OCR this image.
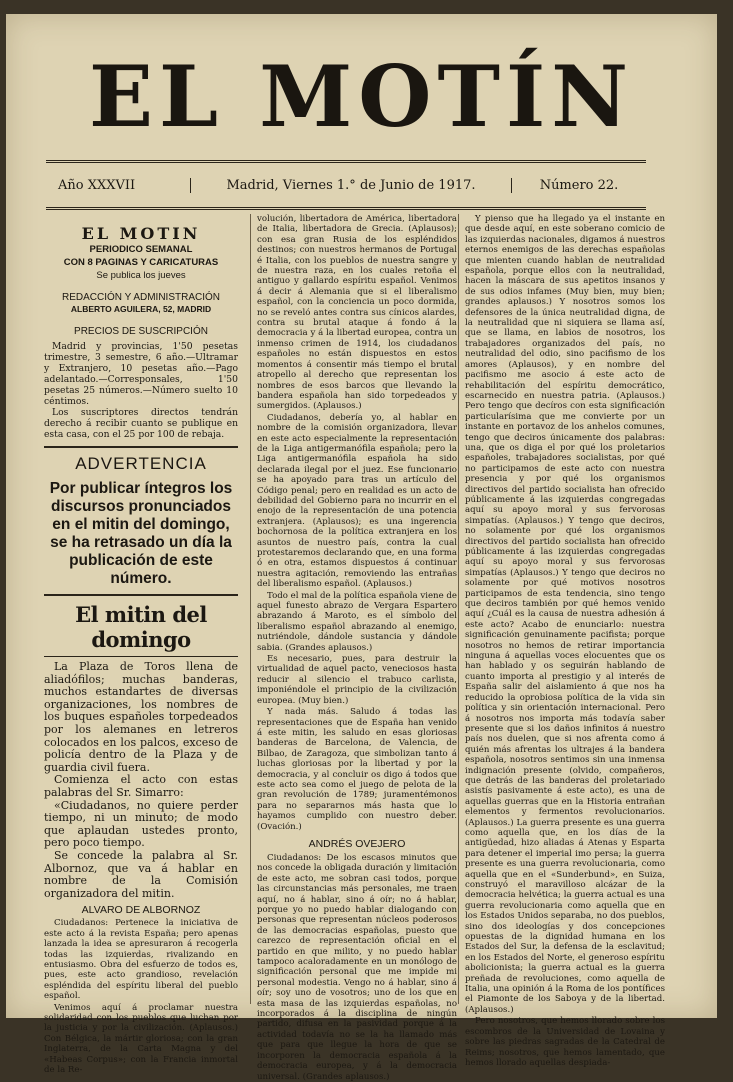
EL MOTÍN
Año XXXVII	Madrid, Viernes 1.° de Junio de 1917.	Número 22.
EL MOTIN
PERIODICO SEMANAL
CON 8 PAGINAS Y CARICATURAS
Se publica los jueves
REDACCIÓN Y ADMINISTRACIÓN
ALBERTO AGUILERA, 52, MADRID
PRECIOS DE SUSCRIPCIÓN

Madrid y provincias, 1'50 pesetas trimestre, 3 semestre, 6 año.—Ultramar y Extranjero, 10 pesetas año.—Pago adelantado.—Corresponsales, 1'50 pesetas 25 números.—Número suelto 10 céntimos.

Los suscriptores directos tendrán derecho á recibir cuanto se publique en esta casa, con el 25 por 100 de rebaja.

ADVERTENCIA
Por publicar íntegros los discursos pronunciados en el mitin del domingo, se ha retrasado un día la publicación de este número.
El mitin del domingo

La Plaza de Toros llena de aliadófilos; muchas banderas, muchos estandartes de diversas organizaciones, los nombres de los buques españoles torpedeados por los alemanes en letreros colocados en los palcos, exceso de policía dentro de la Plaza y de guardia civil fuera.

Comienza el acto con estas palabras del Sr. Simarro:

«Ciudadanos, no quiere perder tiempo, ni un minuto; de modo que aplaudan ustedes pronto, pero poco tiempo.

Se concede la palabra al Sr. Albornoz, que va á hablar en nombre de la Comisión organizadora del mitin.

ALVARO DE ALBORNOZ

Ciudadanos: Pertenece la iniciativa de este acto á la revista España; pero apenas lanzada la idea se apresuraron á recogerla todas las izquierdas, rivalizando en entusiasmo. Obra del esfuerzo de todos es, pues, este acto grandioso, revelación espléndida del espíritu liberal del pueblo español.

Venimos aquí á proclamar nuestra solidaridad con los pueblos que luchan por la justicia y por la civilización. (Aplausos.) Con Bélgica, la mártir gloriosa; con la gran Inglaterra, de la Carta Magna y del «Habeas Corpus»; con la Francia inmortal de la Re-

volución, libertadora de América, libertadora de Italia, libertadora de Grecia. (Aplausos); con esa gran Rusia de los espléndidos destinos; con nuestros hermanos de Portugal é Italia, con los pueblos de nuestra sangre y de nuestra raza, en los cuales retoña el antiguo y gallardo espíritu español. Venimos á decir á Alemania que si el liberalismo español, con la conciencia un poco dormida, no se reveló antes contra sus cínicos alardes, contra su brutal ataque á fondo á la democracia y á la libertad europea, contra un inmenso crimen de 1914, los ciudadanos españoles no están dispuestos en estos momentos á consentir más tiempo el brutal atropello al derecho que representan los nombres de esos barcos que llevando la bandera española han sido torpedeados y sumergidos. (Aplausos.)

Ciudadanos, debería yo, al hablar en nombre de la comisión organizadora, llevar en este acto especialmente la representación de la Liga antigermanófila española; pero la Liga antigermanófila española ha sido declarada ilegal por el juez. Ese funcionario se ha apoyado para tras un artículo del Código penal; pero en realidad es un acto de debilidad del Gobierno para no incurrir en el enojo de la representación de una potencia extranjera. (Aplausos); es una ingerencia bochornosa de la política extranjera en los asuntos de nuestro país, contra la cual protestaremos declarando que, en una forma ó en otra, estamos dispuestos á continuar nuestra agitación, removiendo las entrañas del liberalismo español. (Aplausos.)

Todo el mal de la política española viene de aquel funesto abrazo de Vergara Espartero abrazando á Maroto, es el símbolo del liberalismo español abrazando al enemigo, nutriéndole, dándole sustancia y dándole sabia. (Grandes aplausos.)

Es necesario, pues, para destruir la virtualidad de aquel pacto, veneciosos hasta reducir al silencio el trabuco carlista, imponiéndole el principio de la civilización europea. (Muy bien.)

Y nada más. Saludo á todas las representaciones que de España han venido á este mitin, les saludo en esas gloriosas banderas de Barcelona, de Valencia, de Bilbao, de Zaragoza, que simbolizan tanto á luchas gloriosas por la libertad y por la democracia, y al concluir os digo á todos que este acto sea como el juego de pelota de la gran revolución de 1789; juramentémonos para no separarnos más hasta que lo hayamos cumplido con nuestro deber. (Ovación.)

ANDRÉS OVEJERO

Ciudadanos: De los escasos minutos que nos concede la obligada duración y limitación de este acto, me sobran casi todos, porque las circunstancias más personales, me traen aquí, no á hablar, sino á oír; no á hablar, porque yo no puedo hablar dialogando con personas que representan núcleos poderosos de las democracias españolas, puesto que carezco de representación oficial en el partido en que milito, y no puedo hablar tampoco acaloradamente en un monólogo de significación personal que me impide mi personal modestia. Vengo no á hablar, sino á oír; soy uno de vosotros; uno de los que en esta masa de las izquierdas españolas, no incorporados á la disciplina de ningún partido, difusa en la pasividad porque á la actividad todavía no se la ha llamado más que para que llegue la hora de que se incorporen la democracia española á la democracia europea, y á la democracia universal. (Grandes aplausos.)

Y pienso que ha llegado ya el instante en que desde aquí, en este soberano comicio de las izquierdas nacionales, digamos á nuestros eternos enemigos de las derechas españolas que mienten cuando hablan de neutralidad española, porque ellos con la neutralidad, hacen la máscara de sus apetitos insanos y de sus odios infames (Muy bien, muy bien; grandes aplausos.) Y nosotros somos los defensores de la única neutralidad digna, de la neutralidad que ni siquiera se llama así, que se llama, en labios de nosotros, los trabajadores organizados del país, no neutralidad del odio, sino pacifismo de los amores (Aplausos), y en nombre del pacifismo me asocio á este acto de rehabilitación del espíritu democrático, escarnecido en nuestra patria. (Aplausos.) Pero tengo que decíros con esta significación particularísima que me convierte por un instante en portavoz de los anhelos comunes, tengo que deciros únicamente dos palabras: una, que os diga el por qué los proletarios españoles, trabajadores socialistas, por qué no participamos de este acto con nuestra presencia y por qué los organismos directivos del partido socialista han ofrecido públicamente á las izquierdas congregadas aquí su apoyo moral y sus fervorosas simpatías. (Aplausos.) Y tengo que deciros, no solamente por qué los organismos directivos del partido socialista han ofrecido públicamente á las izquierdas congregadas aquí su apoyo moral y sus fervorosas simpatías (Aplausos.) Y tengo que deciros no solamente por qué motivos nosotros participamos de esta tendencia, sino tengo que deciros también por qué hemos venido aquí ¿Cuál es la causa de nuestra adhesión á este acto? Acabo de enunciarlo: nuestra significación genuinamente pacifista; porque nosotros no hemos de retirar importancia ninguna á aquellas voces elocuentes que os han hablado y os seguirán hablando de cuanto importa al prestigio y al interés de España salir del aislamiento á que nos ha reducido la oprobiosa política de la vida sin política y sin orientación internacional. Pero á nosotros nos importa más todavía saber presente que si los daños infinitos á nuestro país nos duelen, que si nos afrenta como á quién más afrentas los ultrajes á la bandera española, nosotros sentimos sin una inmensa indignación presente (olvido, compañeros, que detrás de las banderas del proletariado asistís pasivamente á este acto), es una de aquellas guerras que en la Historia entrañan elementos y fermentos revolucionarios. (Aplausos.) La guerra presente es una guerra como aquella que, en los días de la antigüedad, hizo aliadas á Atenas y Esparta para detener el imperial imo persa; la guerra presente es una guerra revolucionaria, como aquella que en el «Sunderbund», en Suiza, construyó el maravilloso alcázar de la democracia helvética; la guerra actual es una guerra revolucionaria como aquella que en los Estados Unidos separaba, no dos pueblos, sino dos ideologías y dos concepciones opuestas de la dignidad humana en los Estados del Sur, la defensa de la esclavitud; en los Estados del Norte, el generoso espíritu abolicionista; la guerra actual es la guerra preñada de revoluciones, como aquella de Italia, una opinión á la Roma de los pontífices el Piamonte de los Saboya y de la libertad. (Aplausos.)

Pero nosotros, que hemos llorado sobre los escombros de la Universidad de Lovaina y sobre las piedras sagradas de la Catedral de Reims; nosotros, que hemos lamentado, que hemos llorado aquellas despiada-
